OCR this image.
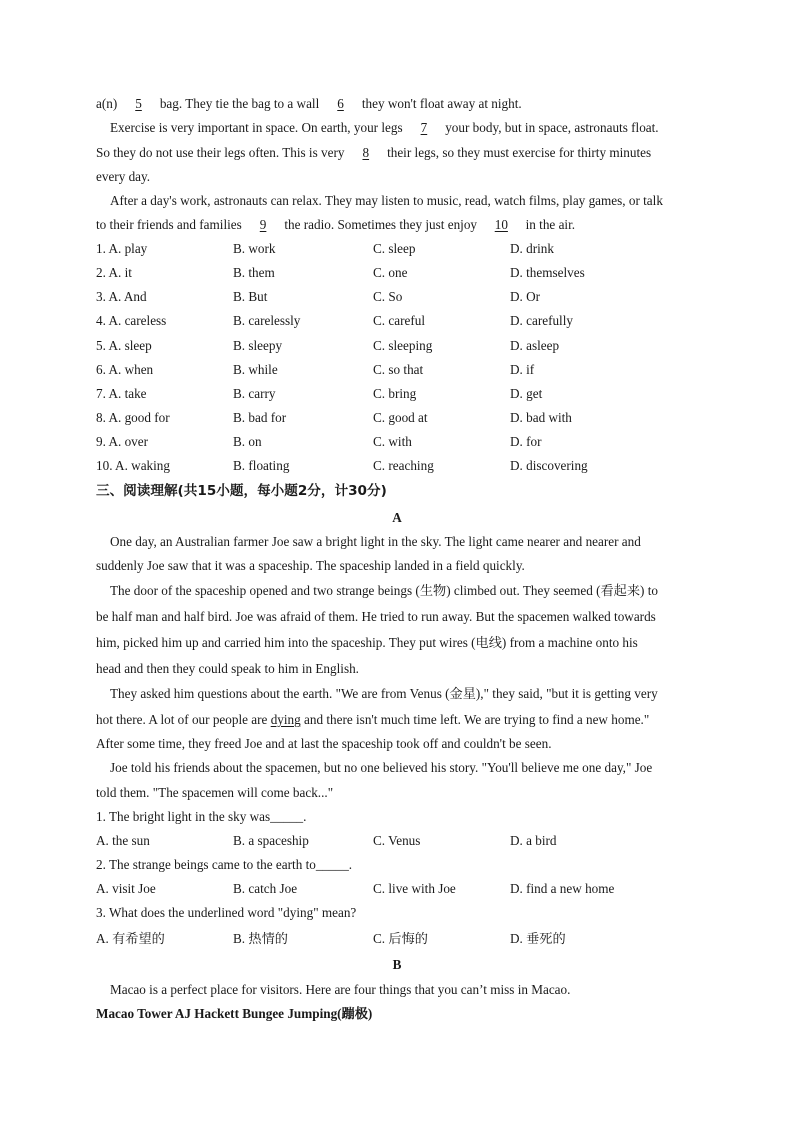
a(n) 5 bag. They tie the bag to a wall 6 they won't float away at night.
Exercise is very important in space. On earth, your legs 7 your body, but in space, astronauts float.
So they do not use their legs often. This is very 8 their legs, so they must exercise for thirty minutes
every day.
After a day's work, astronauts can relax. They may listen to music, read, watch films, play games, or talk
to their friends and families 9 the radio. Sometimes they just enjoy 10 in the air.
1. A. play	B. work	C. sleep	D. drink
2. A. it	B. them	C. one	D. themselves
3. A. And	B. But	C. So	D. Or
4. A. careless	B. carelessly	C. careful	D. carefully
5. A. sleep	B. sleepy	C. sleeping	D. asleep
6. A. when	B. while	C. so that	D. if
7. A. take	B. carry	C. bring	D. get
8. A. good for	B. bad for	C. good at	D. bad with
9. A. over	B. on	C. with	D. for
10. A. waking	B. floating	C. reaching	D. discovering
三、阅读理解(共15小题，每小题2分，计30分)
A
One day, an Australian farmer Joe saw a bright light in the sky. The light came nearer and nearer and
suddenly Joe saw that it was a spaceship. The spaceship landed in a field quickly.
The door of the spaceship opened and two strange beings (生物) climbed out. They seemed (看起来) to
be half man and half bird. Joe was afraid of them. He tried to run away. But the spacemen walked towards
him, picked him up and carried him into the spaceship. They put wires (电线) from a machine onto his
head and then they could speak to him in English.
They asked him questions about the earth. "We are from Venus (金星)," they said, "but it is getting very
hot there. A lot of our people are dying and there isn't much time left. We are trying to find a new home."
After some time, they freed Joe and at last the spaceship took off and couldn't be seen.
Joe told his friends about the spacemen, but no one believed his story. "You'll believe me one day," Joe
told them. "The spacemen will come back..."
1. The bright light in the sky was_____.
A. the sun	B. a spaceship	C. Venus	D. a bird
2. The strange beings came to the earth to_____.
A. visit Joe	B. catch Joe	C. live with Joe	D. find a new home
3. What does the underlined word "dying" mean?
A. 有希望的	B. 热情的	C. 后悔的	D. 垂死的
B
Macao is a perfect place for visitors. Here are four things that you can’t miss in Macao.
Macao Tower AJ Hackett Bungee Jumping(蹦极)
